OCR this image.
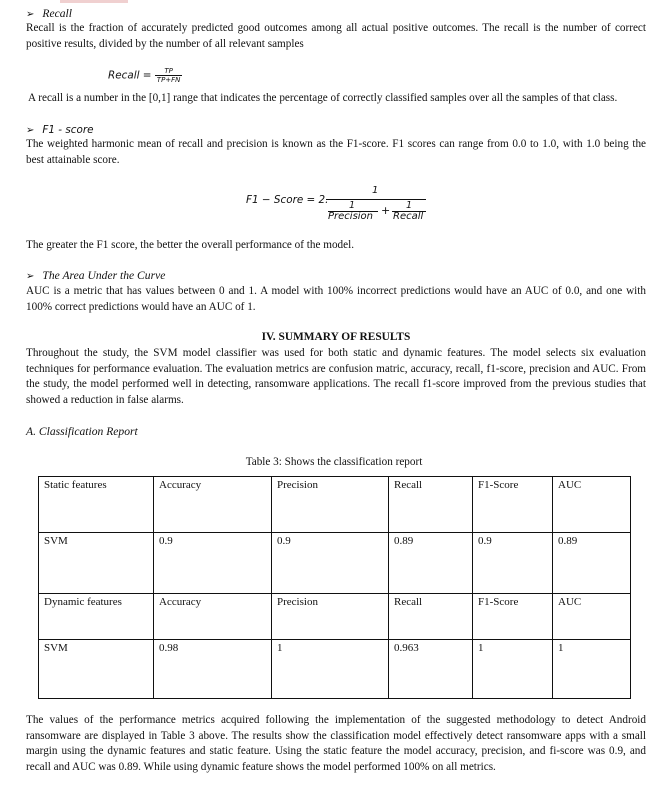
➢ Recall
Recall is the fraction of accurately predicted good outcomes among all actual positive outcomes. The recall is the number of correct positive results, divided by the number of all relevant samples
Recall = $\frac{TP}{TP+FN}$
A recall is a number in the [0,1] range that indicates the percentage of correctly classified samples over all the samples of that class.
➢ F1 - score
The weighted harmonic mean of recall and precision is known as the F1-score. F1 scores can range from 0.0 to 1.0, with 1.0 being the best attainable score.
F1 − Score = 2.
1
1
Precision + 1
Recall
The greater the F1 score, the better the overall performance of the model.
➢ The Area Under the Curve
AUC is a metric that has values between 0 and 1. A model with 100% incorrect predictions would have an AUC of 0.0, and one with 100% correct predictions would have an AUC of 1.
IV. SUMMARY OF RESULTS
Throughout the study, the SVM model classifier was used for both static and dynamic features. The model selects six evaluation techniques for performance evaluation. The evaluation metrics are confusion matric, accuracy, recall, f1-score, precision and AUC. From the study, the model performed well in detecting, ransomware applications. The recall f1-score improved from the previous studies that showed a reduction in false alarms.
A. Classification Report
Table 3: Shows the classification report
Static features	Accuracy	Precision	Recall	F1-Score	AUC
SVM	0.9	0.9	0.89	0.9	0.89
Dynamic features	Accuracy	Precision	Recall	F1-Score	AUC
SVM	0.98	1	0.963	1	1
The values of the performance metrics acquired following the implementation of the suggested methodology to detect Android ransomware are displayed in Table 3 above. The results show the classification model effectively detect ransomware apps with a small margin using the dynamic features and static feature. Using the static feature the model accuracy, precision, and fi-score was 0.9, and recall and AUC was 0.89. While using dynamic feature shows the model performed 100% on all metrics.
